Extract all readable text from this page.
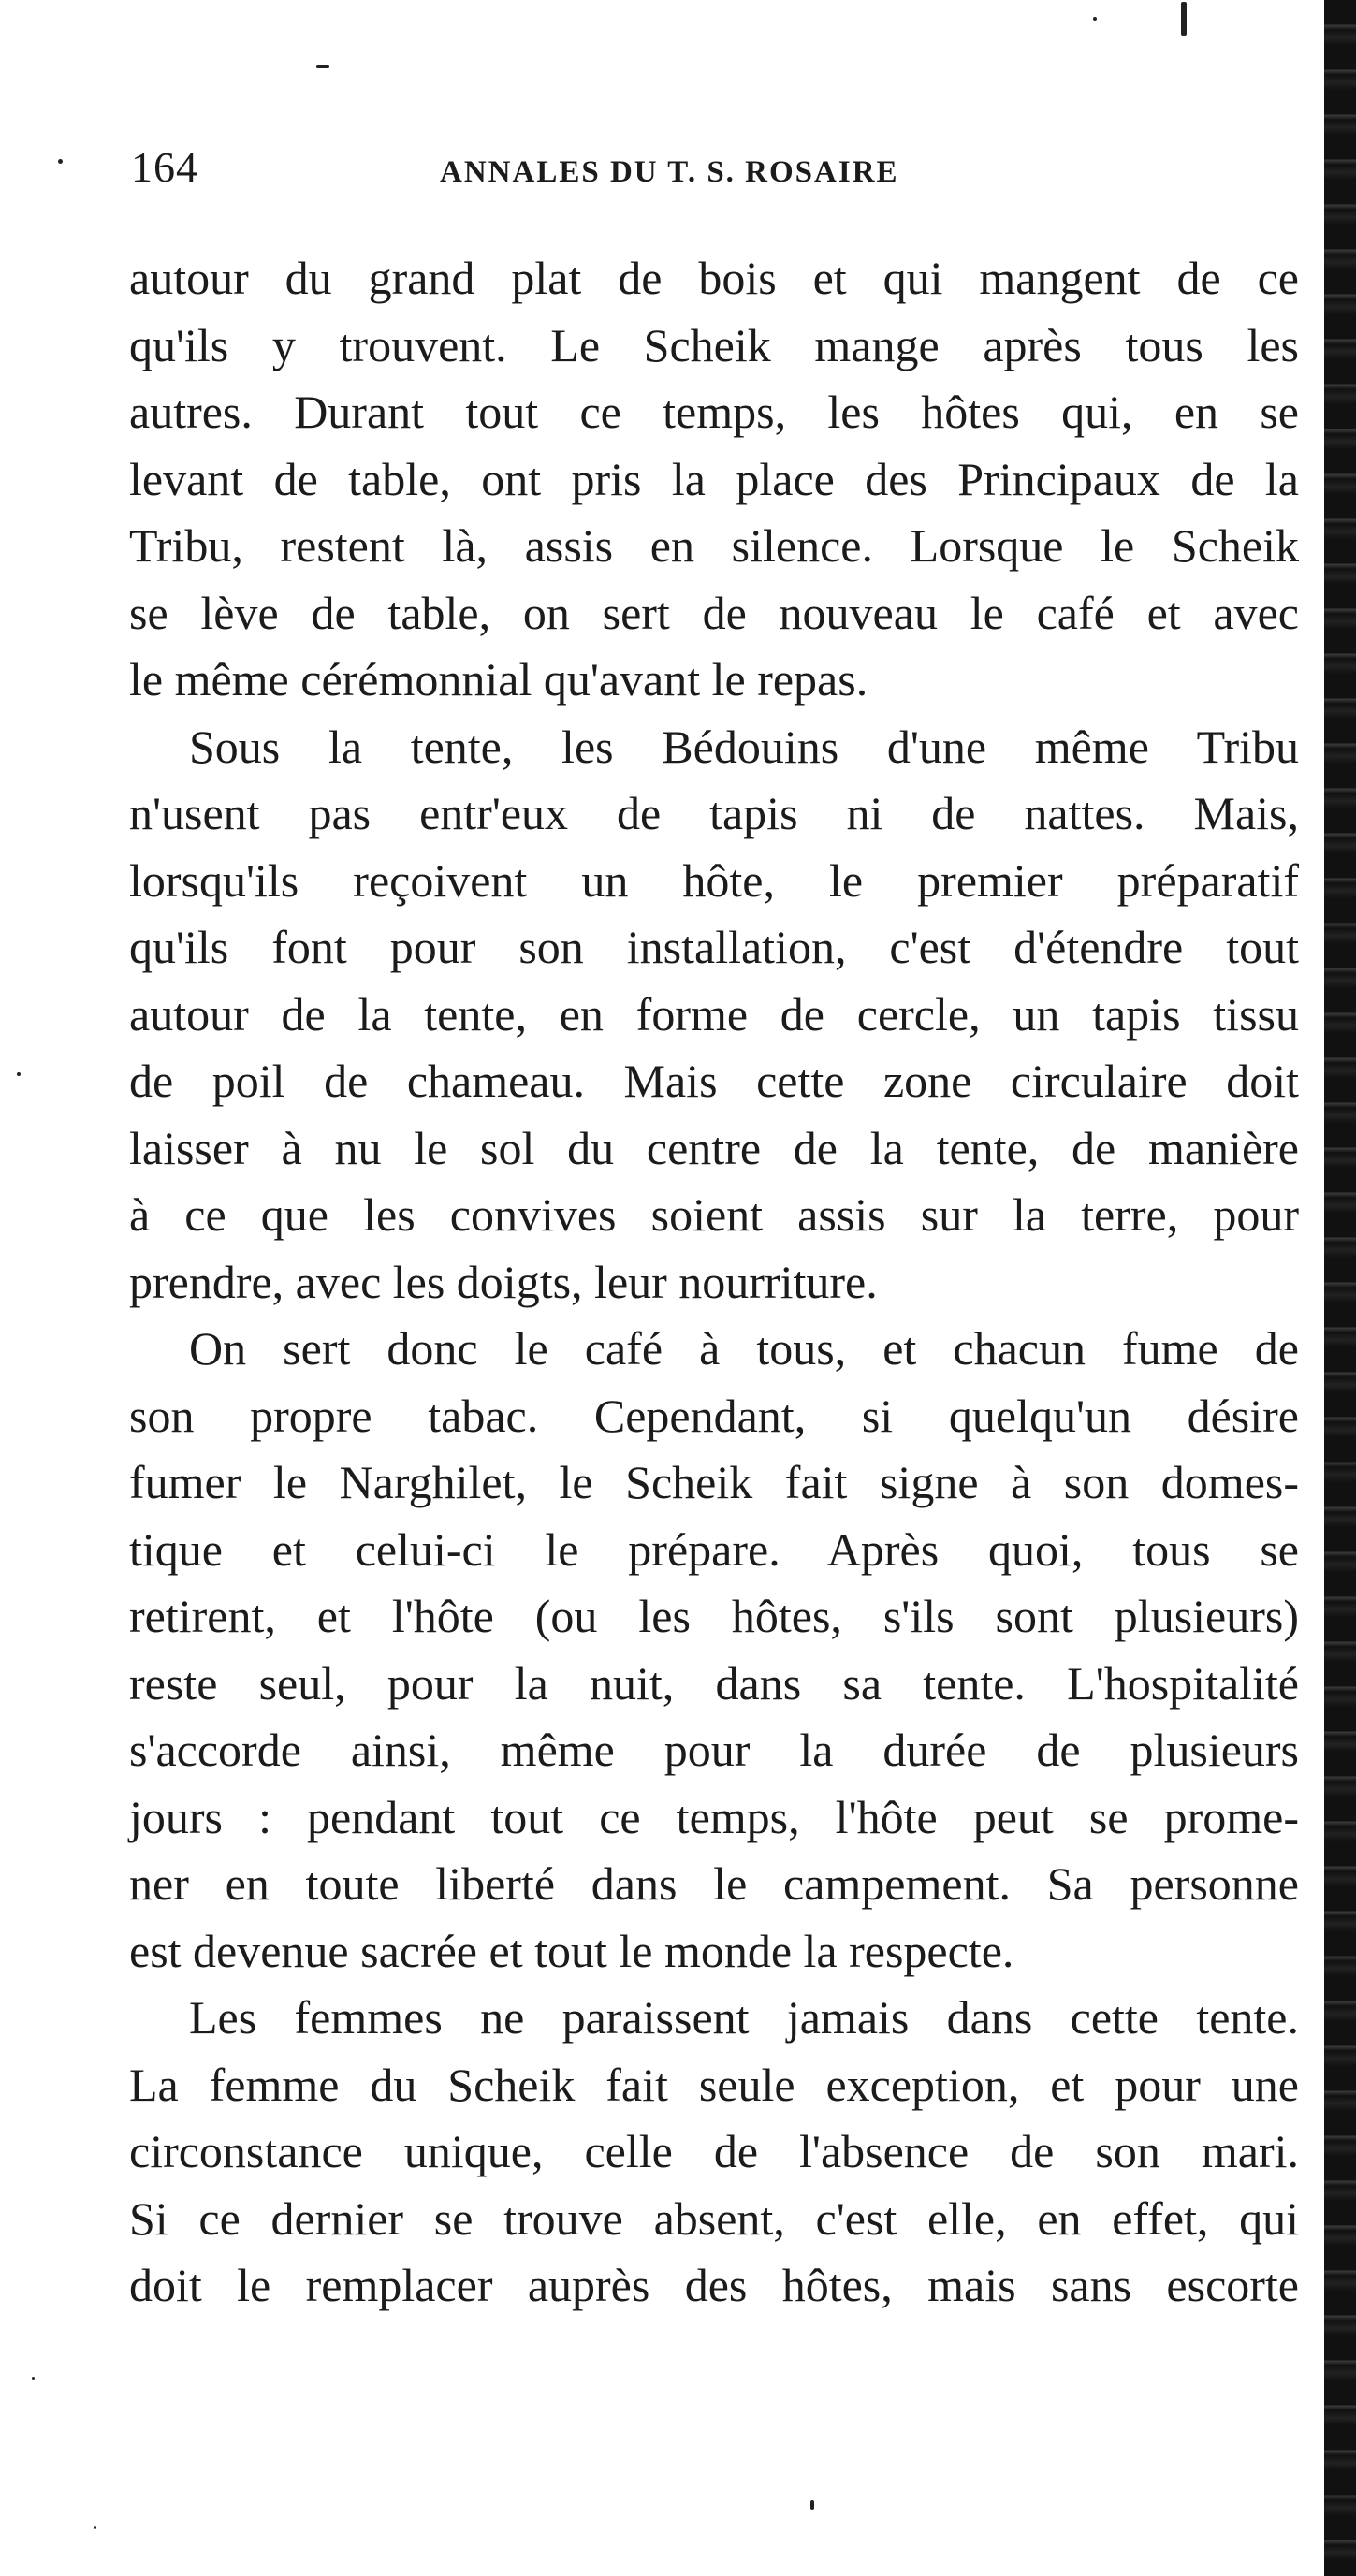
164	ANNALES DU T. S. ROSAIRE
autour du grand plat de bois et qui mangent de ce
qu'ils y trouvent. Le Scheik mange après tous les
autres. Durant tout ce temps, les hôtes qui, en se
levant de table, ont pris la place des Principaux de la
Tribu, restent là, assis en silence. Lorsque le Scheik
se lève de table, on sert de nouveau le café et avec
le même cérémonnial qu'avant le repas.
Sous la tente, les Bédouins d'une même Tribu
n'usent pas entr'eux de tapis ni de nattes. Mais,
lorsqu'ils reçoivent un hôte, le premier préparatif
qu'ils font pour son installation, c'est d'étendre tout
autour de la tente, en forme de cercle, un tapis tissu
de poil de chameau. Mais cette zone circulaire doit
laisser à nu le sol du centre de la tente, de manière
à ce que les convives soient assis sur la terre, pour
prendre, avec les doigts, leur nourriture.
On sert donc le café à tous, et chacun fume de
son propre tabac. Cependant, si quelqu'un désire
fumer le Narghilet, le Scheik fait signe à son domes-
tique et celui-ci le prépare. Après quoi, tous se
retirent, et l'hôte (ou les hôtes, s'ils sont plusieurs)
reste seul, pour la nuit, dans sa tente. L'hospitalité
s'accorde ainsi, même pour la durée de plusieurs
jours : pendant tout ce temps, l'hôte peut se prome-
ner en toute liberté dans le campement. Sa personne
est devenue sacrée et tout le monde la respecte.
Les femmes ne paraissent jamais dans cette tente.
La femme du Scheik fait seule exception, et pour une
circonstance unique, celle de l'absence de son mari.
Si ce dernier se trouve absent, c'est elle, en effet, qui
doit le remplacer auprès des hôtes, mais sans escorte
